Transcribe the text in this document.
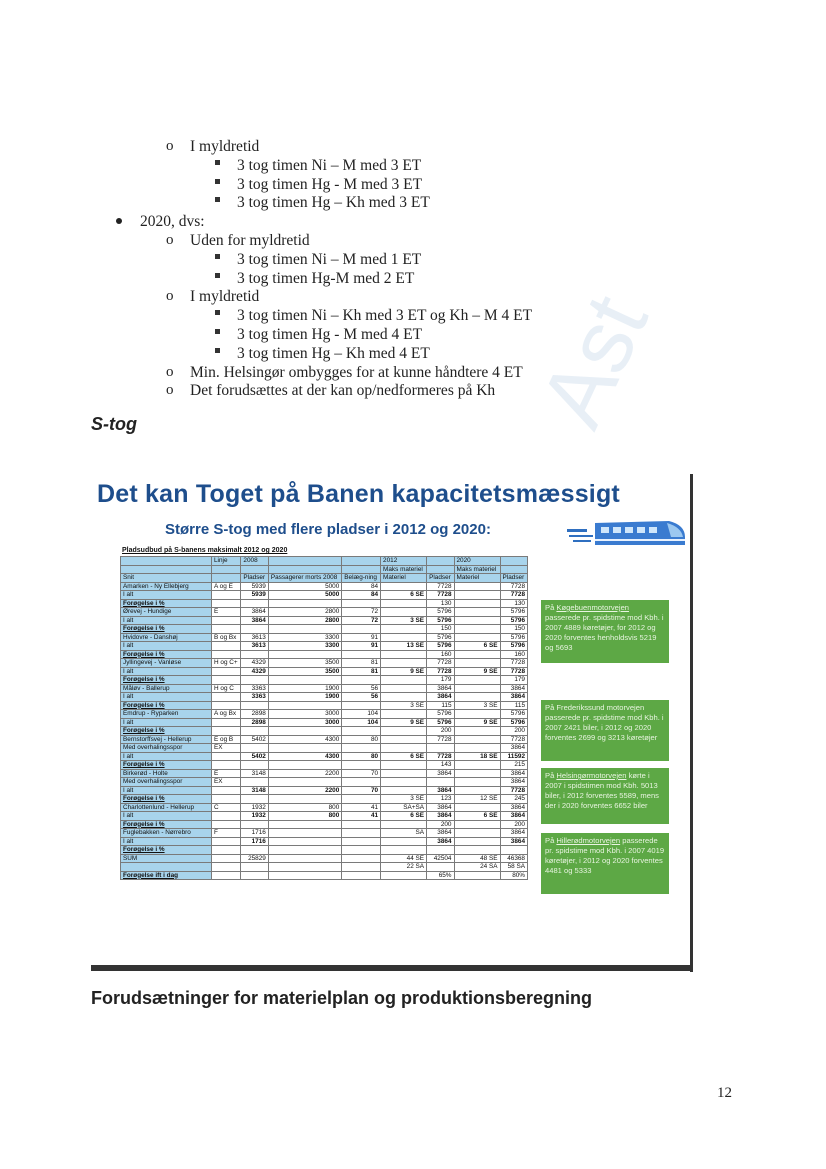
Ast
o I myldretid
3 tog timen Ni – M med 3 ET
3 tog timen Hg - M med 3 ET
3 tog timen Hg – Kh med 3 ET
2020, dvs:
o Uden for myldretid
3 tog timen Ni – M med 1 ET
3 tog timen Hg-M med 2 ET
o I myldretid
3 tog timen Ni – Kh med 3 ET og Kh – M 4 ET
3 tog timen Hg - M med 4 ET
3 tog timen Hg – Kh med 4 ET
o Min. Helsingør ombygges for at kunne håndtere 4 ET
o Det forudsættes at der kan op/nedformeres på Kh
S-tog
Det kan Toget på Banen kapacitetsmæssigt
Større S-tog med flere pladser i 2012 og 2020:
Pladsudbud på S-banens maksimalt 2012 og 2020
	Linje	2008			2012		2020	
					Maks materiel		Maks materiel	
Snit		Pladser	Passagerer morts 2008	Belæg-ning	Materiel	Pladser	Materiel	Pladser
Amarken - Ny Ellebjerg	A og E	5939	5000	84		7728		7728
I alt		5939	5000	84	6 SE	7728		7728
Forøgelse i %						130		130
Ørevej - Hundige	E	3864	2800	72		5796		5796
I alt		3864	2800	72	3 SE	5796		5796
Forøgelse i %						150		150
Hvidovre - Danshøj	B og Bx	3613	3300	91		5796		5796
I alt		3613	3300	91	13 SE	5796	6 SE	5796
Forøgelse i %						160		160
Jyllingevej - Vanløse	H og C+	4329	3500	81		7728		7728
I alt		4329	3500	81	9 SE	7728	9 SE	7728
Forøgelse i %						179		179
Måløv - Ballerup	H og C	3363	1900	56		3864		3864
I alt		3363	1900	56		3864		3864
Forøgelse i %					3 SE	115	3 SE	115
Emdrup - Ryparken	A og Bx	2898	3000	104		5796		5796
I alt		2898	3000	104	9 SE	5796	9 SE	5796
Forøgelse i %						200		200
Bernstorffsvej - Hellerup	E og B	5402	4300	80		7728		7728
Med overhalingsspor	EX							3864
I alt		5402	4300	80	6 SE	7728	18 SE	11592
Forøgelse i %						143		215
Birkerød - Holte	E	3148	2200	70		3864		3864
Med overhalingsspor	EX							3864
I alt		3148	2200	70		3864		7728
Forøgelse i %					3 SE	123	12 SE	245
Charlottenlund - Hellerup	C	1932	800	41	SA+SA	3864		3864
I alt		1932	800	41	6 SE	3864	6 SE	3864
Forøgelse i %						200		200
Fuglebakken - Nørrebro	F	1716			SA	3864		3864
I alt		1716				3864		3864
Forøgelse i %								
SUM		25829			44 SE	42504	48 SE	46368
					22 SA		24 SA	58 SA
Forøgelse ift i dag						65%		80%
På Køgebuenmotorvejen passerede pr. spidstime mod Kbh. i 2007 4889 køretøjer, for 2012 og 2020 forventes henholdsvis 5219 og 5693
På Frederikssund motorvejen passerede pr. spidstime mod Kbh. i 2007 2421 biler, i 2012 og 2020 forventes 2699 og 3213 køretøjer
På Helsingørmotorvejen kørte i 2007 i spidstimen mod Kbh. 5013 biler, i 2012 forventes 5589, mens der i 2020 forventes 6652 biler
På Hillerødmotorvejen passerede pr. spidstime mod Kbh. i 2007 4019 køretøjer, i 2012 og 2020 forventes 4481 og 5333
Forudsætninger for materielplan og produktionsberegning
12
